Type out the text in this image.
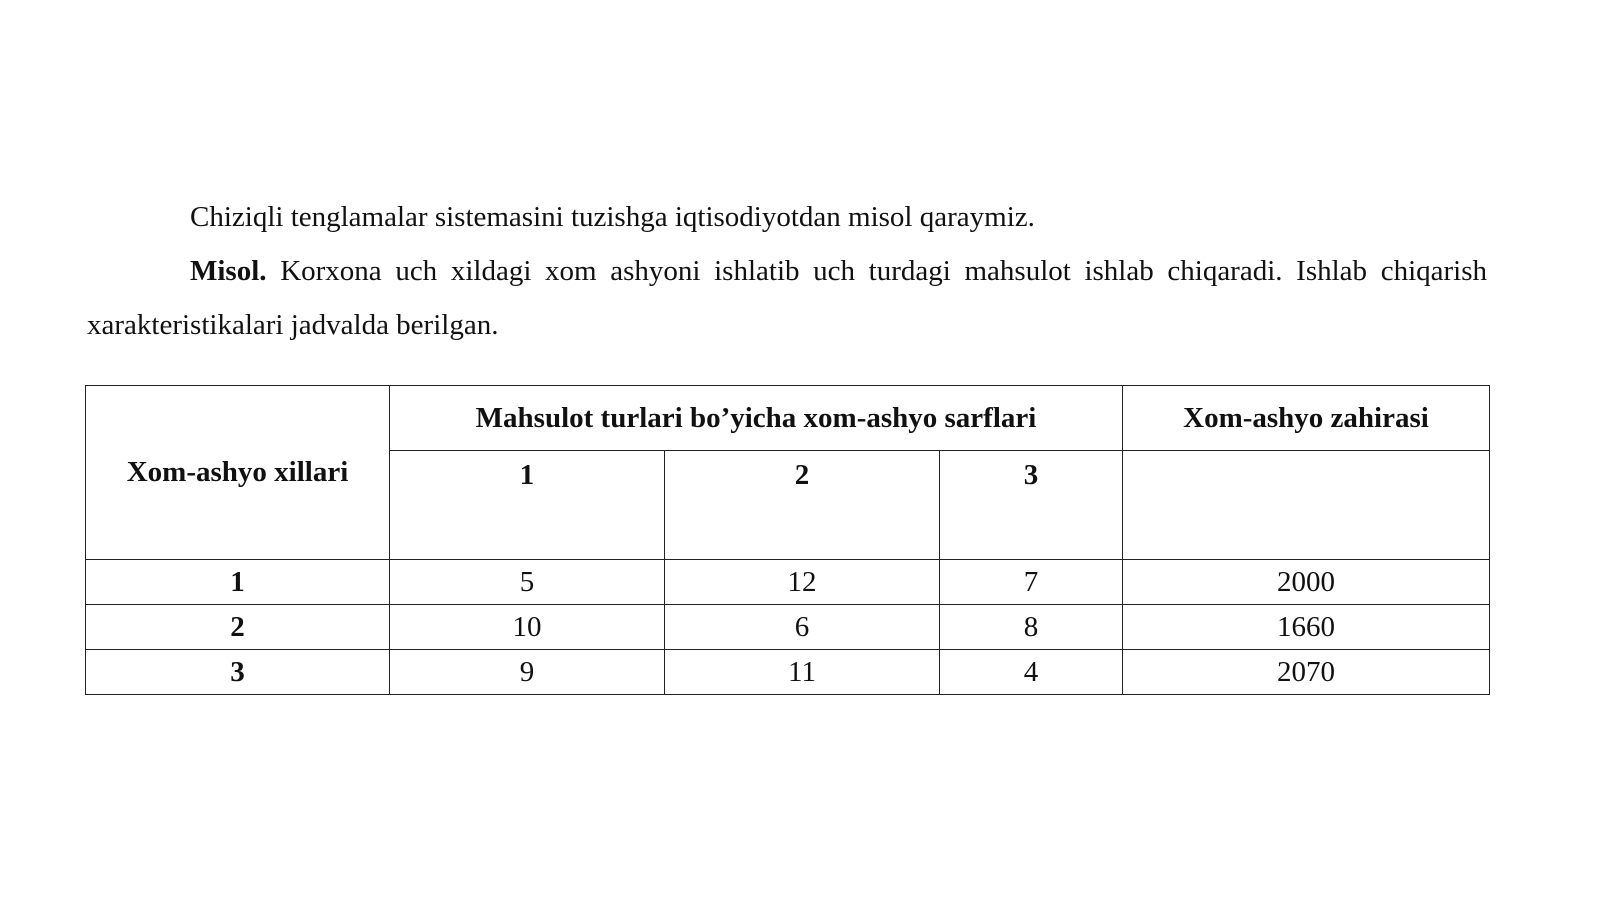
Chiziqli tenglamalar sistemasini tuzishga iqtisodiyotdan misol qaraymiz.

Misol. Korxona uch xildagi xom ashyoni ishlatib uch turdagi mahsulot ishlab chiqaradi. Ishlab chiqarish xarakteristikalari jadvalda berilgan.

Xom-ashyo xillari	Mahsulot turlari bo’yicha xom-ashyo sarflari			Xom-ashyo zahirasi
	1	2	3	
1	5	12	7	2000
2	10	6	8	1660
3	9	11	4	2070
